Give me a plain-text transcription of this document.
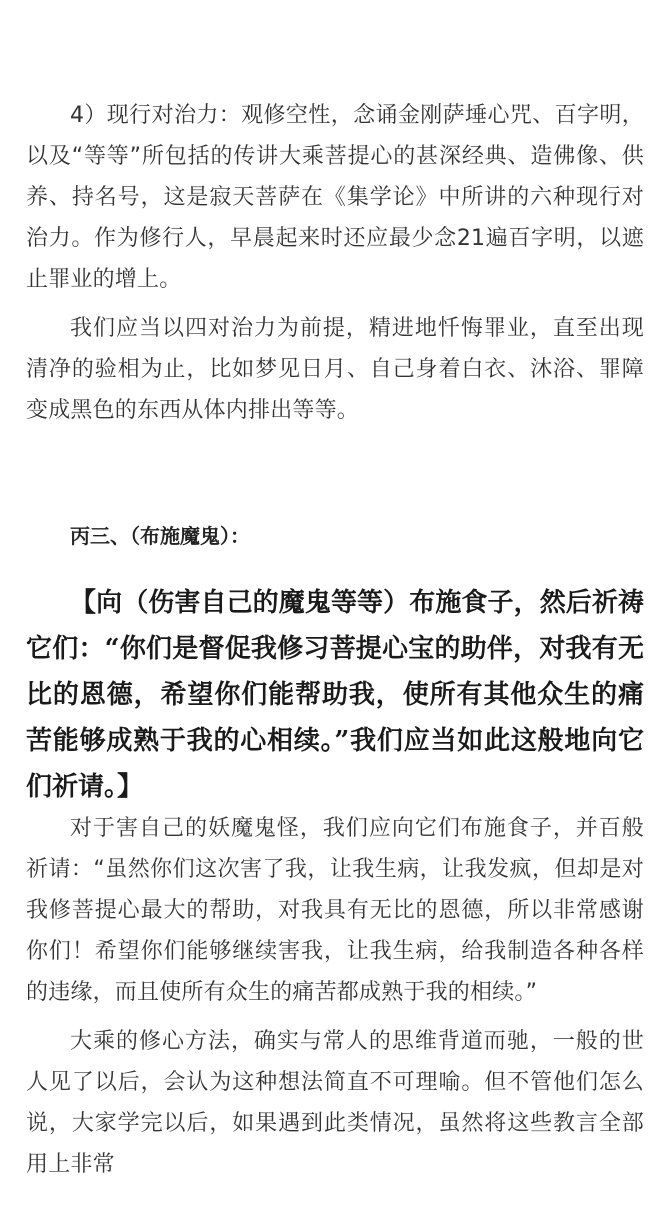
4）现行对治力：观修空性，念诵金刚萨埵心咒、百字明，以及“等等”所包括的传讲大乘菩提心的甚深经典、造佛像、供养、持名号，这是寂天菩萨在《集学论》中所讲的六种现行对治力。作为修行人，早晨起来时还应最少念21遍百字明，以遮止罪业的增上。

我们应当以四对治力为前提，精进地忏悔罪业，直至出现清净的验相为止，比如梦见日月、自己身着白衣、沐浴、罪障变成黑色的东西从体内排出等等。

丙三、（布施魔鬼）：

【向（伤害自己的魔鬼等等）布施食子，然后祈祷它们：“你们是督促我修习菩提心宝的助伴，对我有无比的恩德，希望你们能帮助我，使所有其他众生的痛苦能够成熟于我的心相续。”我们应当如此这般地向它们祈请。】

对于害自己的妖魔鬼怪，我们应向它们布施食子，并百般祈请：“虽然你们这次害了我，让我生病，让我发疯，但却是对我修菩提心最大的帮助，对我具有无比的恩德，所以非常感谢你们！希望你们能够继续害我，让我生病，给我制造各种各样的违缘，而且使所有众生的痛苦都成熟于我的相续。”

大乘的修心方法，确实与常人的思维背道而驰，一般的世人见了以后，会认为这种想法简直不可理喻。但不管他们怎么说，大家学完以后，如果遇到此类情况，虽然将这些教言全部用上非常
